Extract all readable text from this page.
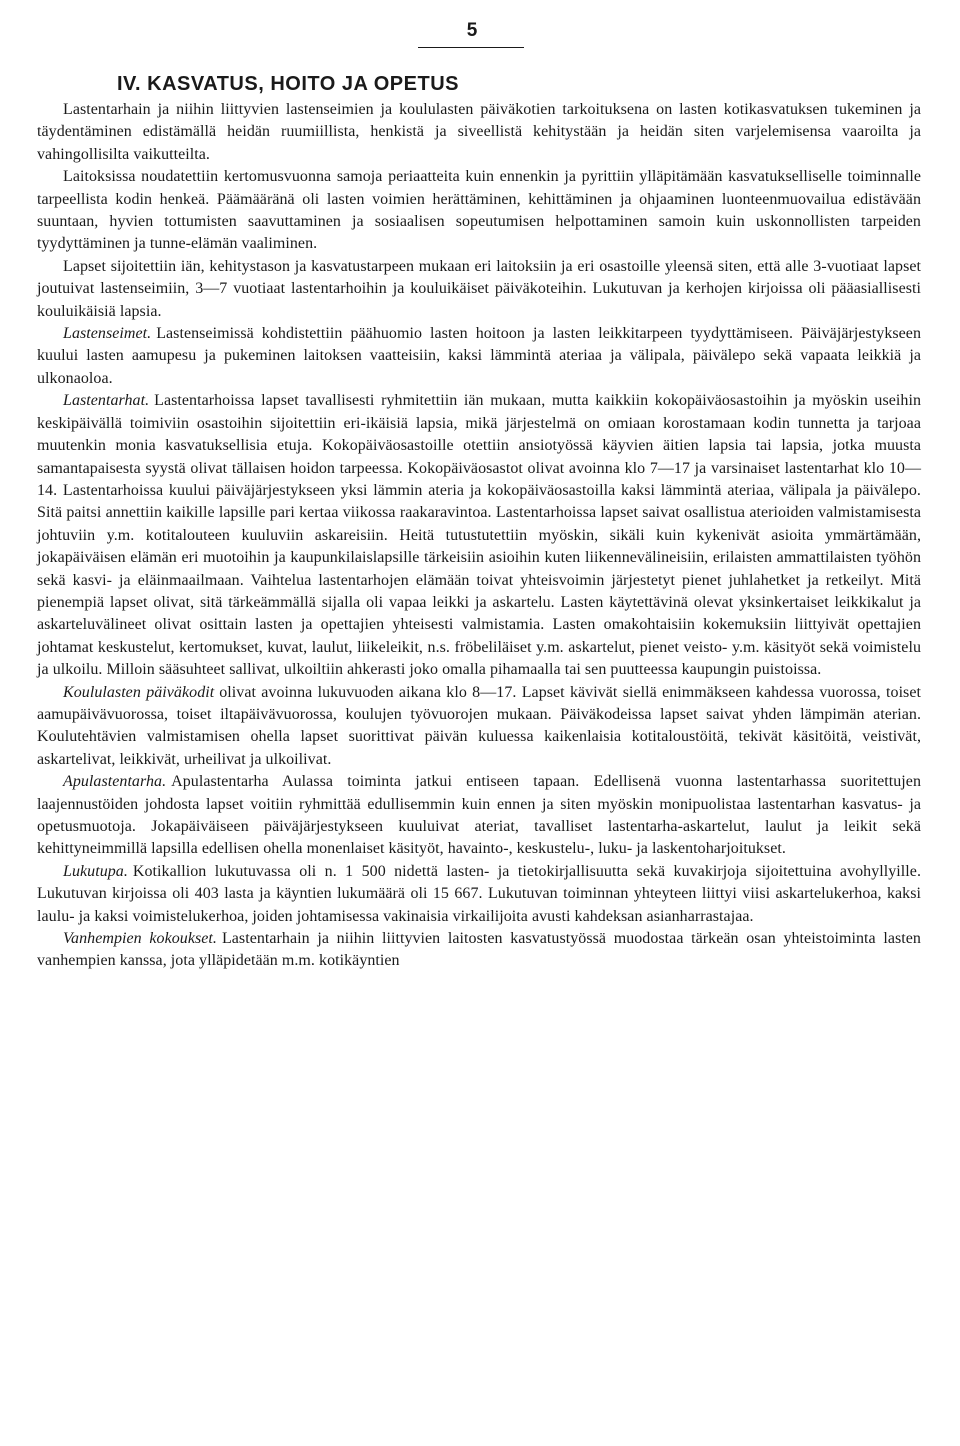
5
IV. KASVATUS, HOITO JA OPETUS

Lastentarhain ja niihin liittyvien lastenseimien ja koululasten päiväkotien tarkoituksena on lasten kotikasvatuksen tukeminen ja täydentäminen edistämällä heidän ruumiillista, henkistä ja siveellistä kehitystään ja heidän siten varjelemisensa vaaroilta ja vahingollisilta vaikutteilta.

Laitoksissa noudatettiin kertomusvuonna samoja periaatteita kuin ennenkin ja pyrittiin ylläpitämään kasvatukselliselle toiminnalle tarpeellista kodin henkeä. Päämääränä oli lasten voimien herättäminen, kehittäminen ja ohjaaminen luonteenmuovailua edistävään suuntaan, hyvien tottumisten saavuttaminen ja sosiaalisen sopeutumisen helpottaminen samoin kuin uskonnollisten tarpeiden tyydyttäminen ja tunne-elämän vaaliminen.

Lapset sijoitettiin iän, kehitystason ja kasvatustarpeen mukaan eri laitoksiin ja eri osastoille yleensä siten, että alle 3-vuotiaat lapset joutuivat lastenseimiin, 3—7 vuotiaat lastentarhoihin ja kouluikäiset päiväkoteihin. Lukutuvan ja kerhojen kirjoissa oli pääasiallisesti kouluikäisiä lapsia.

Lastenseimet. Lastenseimissä kohdistettiin päähuomio lasten hoitoon ja lasten leikkitarpeen tyydyttämiseen. Päiväjärjestykseen kuului lasten aamupesu ja pukeminen laitoksen vaatteisiin, kaksi lämmintä ateriaa ja välipala, päivälepo sekä vapaata leikkiä ja ulkonaoloa.

Lastentarhat. Lastentarhoissa lapset tavallisesti ryhmitettiin iän mukaan, mutta kaikkiin kokopäiväosastoihin ja myöskin useihin keskipäivällä toimiviin osastoihin sijoitettiin eri-ikäisiä lapsia, mikä järjestelmä on omiaan korostamaan kodin tunnetta ja tarjoaa muutenkin monia kasvatuksellisia etuja. Kokopäiväosastoille otettiin ansiotyössä käyvien äitien lapsia tai lapsia, jotka muusta samantapaisesta syystä olivat tällaisen hoidon tarpeessa. Kokopäiväosastot olivat avoinna klo 7—17 ja varsinaiset lastentarhat klo 10—14. Lastentarhoissa kuului päiväjärjestykseen yksi lämmin ateria ja kokopäiväosastoilla kaksi lämmintä ateriaa, välipala ja päivälepo. Sitä paitsi annettiin kaikille lapsille pari kertaa viikossa raakaravintoa. Lastentarhoissa lapset saivat osallistua aterioiden valmistamisesta johtuviin y.m. kotitalouteen kuuluviin askareisiin. Heitä tutustutettiin myöskin, sikäli kuin kykenivät asioita ymmärtämään, jokapäiväisen elämän eri muotoihin ja kaupunkilaislapsille tärkeisiin asioihin kuten liikennevälineisiin, erilaisten ammattilaisten työhön sekä kasvi- ja eläinmaailmaan. Vaihtelua lastentarhojen elämään toivat yhteisvoimin järjestetyt pienet juhlahetket ja retkeilyt. Mitä pienempiä lapset olivat, sitä tärkeämmällä sijalla oli vapaa leikki ja askartelu. Lasten käytettävinä olevat yksinkertaiset leikkikalut ja askarteluvälineet olivat osittain lasten ja opettajien yhteisesti valmistamia. Lasten omakohtaisiin kokemuksiin liittyivät opettajien johtamat keskustelut, kertomukset, kuvat, laulut, liikeleikit, n.s. fröbeliläiset y.m. askartelut, pienet veisto- y.m. käsityöt sekä voimistelu ja ulkoilu. Milloin sääsuhteet sallivat, ulkoiltiin ahkerasti joko omalla pihamaalla tai sen puutteessa kaupungin puistoissa.

Koululasten päiväkodit olivat avoinna lukuvuoden aikana klo 8—17. Lapset kävivät siellä enimmäkseen kahdessa vuorossa, toiset aamupäivävuorossa, toiset iltapäivävuorossa, koulujen työvuorojen mukaan. Päiväkodeissa lapset saivat yhden lämpimän aterian. Koulutehtävien valmistamisen ohella lapset suorittivat päivän kuluessa kaikenlaisia kotitaloustöitä, tekivät käsitöitä, veistivät, askartelivat, leikkivät, urheilivat ja ulkoilivat.

Apulastentarha. Apulastentarha Aulassa toiminta jatkui entiseen tapaan. Edellisenä vuonna lastentarhassa suoritettujen laajennustöiden johdosta lapset voitiin ryhmittää edullisemmin kuin ennen ja siten myöskin monipuolistaa lastentarhan kasvatus- ja opetusmuotoja. Jokapäiväiseen päiväjärjestykseen kuuluivat ateriat, tavalliset lastentarha-askartelut, laulut ja leikit sekä kehittyneimmillä lapsilla edellisen ohella monenlaiset käsityöt, havainto-, keskustelu-, luku- ja laskentoharjoitukset.

Lukutupa. Kotikallion lukutuvassa oli n. 1 500 nidettä lasten- ja tietokirjallisuutta sekä kuvakirjoja sijoitettuina avohyllyille. Lukutuvan kirjoissa oli 403 lasta ja käyntien lukumäärä oli 15 667. Lukutuvan toiminnan yhteyteen liittyi viisi askartelukerhoa, kaksi laulu- ja kaksi voimistelukerhoa, joiden johtamisessa vakinaisia virkailijoita avusti kahdeksan asianharrastajaa.

Vanhempien kokoukset. Lastentarhain ja niihin liittyvien laitosten kasvatustyössä muodostaa tärkeän osan yhteistoiminta lasten vanhempien kanssa, jota ylläpidetään m.m. kotikäyntien
